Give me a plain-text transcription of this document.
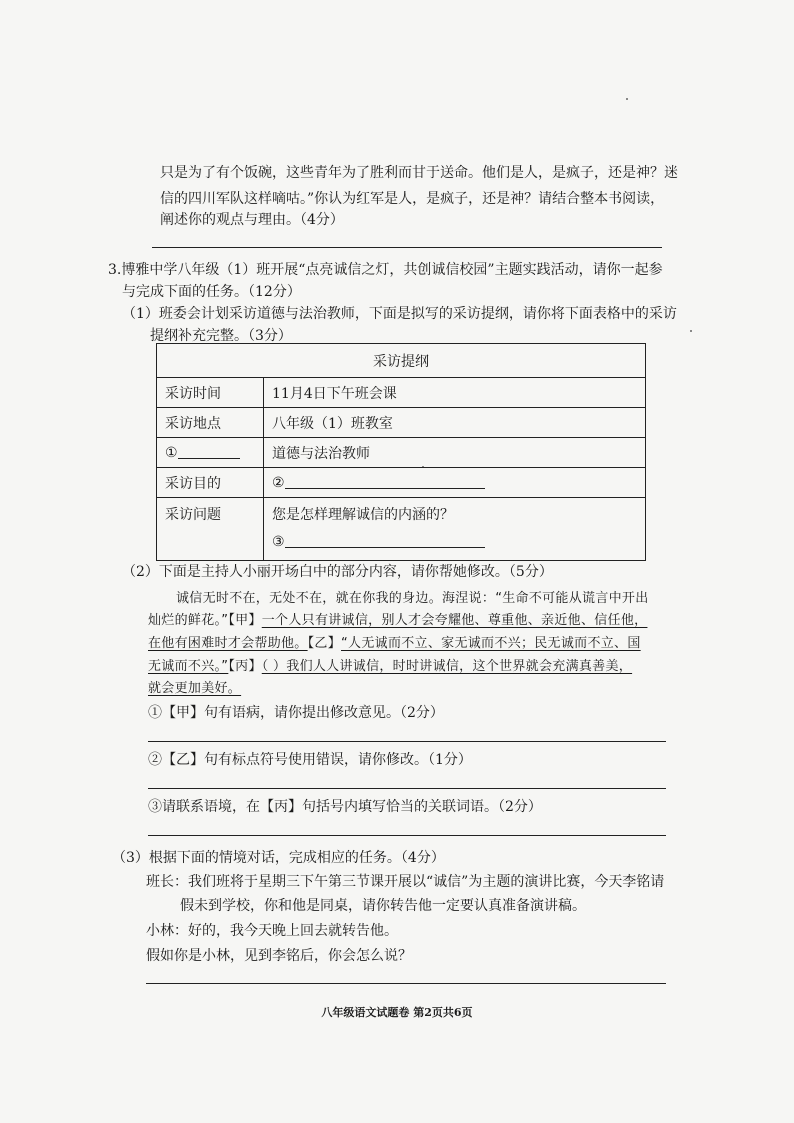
只是为了有个饭碗，这些青年为了胜利而甘于送命。他们是人，是疯子，还是神？迷
信的四川军队这样嘀咕。”你认为红军是人，是疯子，还是神？请结合整本书阅读，
阐述你的观点与理由。（4分）
3.博雅中学八年级（1）班开展“点亮诚信之灯，共创诚信校园”主题实践活动，请你一起参
与完成下面的任务。（12分）
（1）班委会计划采访道德与法治教师，下面是拟写的采访提纲，请你将下面表格中的采访
提纲补充完整。（3分）
采访提纲	
采访时间	11月4日下午班会课
采访地点	八年级（1）班教室
①	道德与法治教师
采访目的	②
采访问题	您是怎样理解诚信的内涵的？
③
（2）下面是主持人小丽开场白中的部分内容，请你帮她修改。（5分）
诚信无时不在，无处不在，就在你我的身边。海涅说：“生命不可能从谎言中开出
灿烂的鲜花。”【甲】一个人只有讲诚信，别人才会夸耀他、尊重他、亲近他、信任他，
在他有困难时才会帮助他。【乙】“人无诚而不立、家无诚而不兴；民无诚而不立、国
无诚而不兴。”【丙】（ ）我们人人讲诚信，时时讲诚信，这个世界就会充满真善美，
就会更加美好。
①【甲】句有语病，请你提出修改意见。（2分）
②【乙】句有标点符号使用错误，请你修改。（1分）
③请联系语境，在【丙】句括号内填写恰当的关联词语。（2分）
（3）根据下面的情境对话，完成相应的任务。（4分）
班长：我们班将于星期三下午第三节课开展以“诚信”为主题的演讲比赛，今天李铭请
假未到学校，你和他是同桌，请你转告他一定要认真准备演讲稿。
小林：好的，我今天晚上回去就转告他。
假如你是小林，见到李铭后，你会怎么说？
八年级语文试题卷 第2页共6页
